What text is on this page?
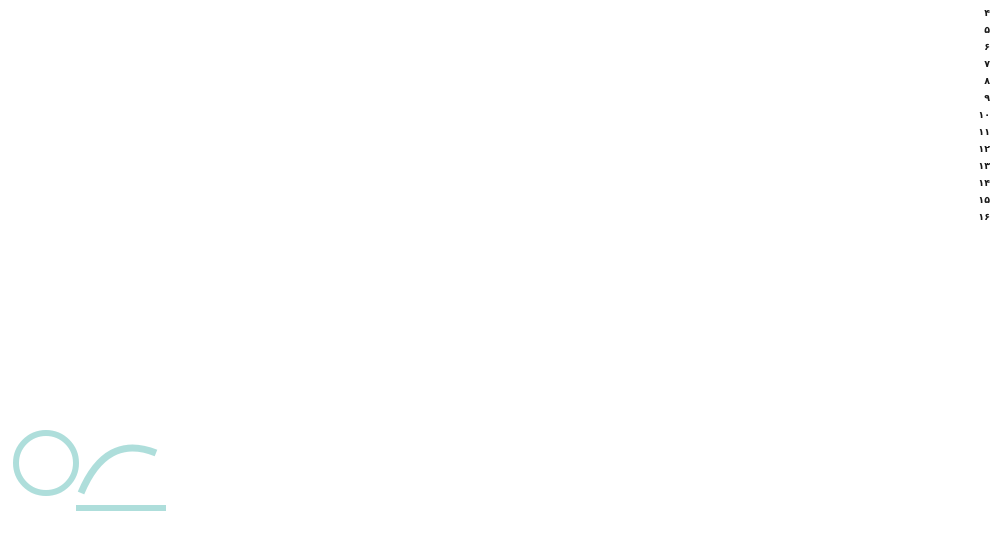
۴
۵
۶
۷
۸
۹
۱۰
۱۱
۱۲
۱۳
۱۴
۱۵
۱۶
